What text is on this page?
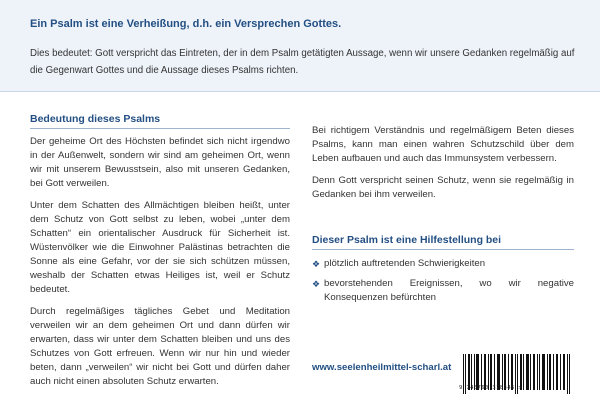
Ein Psalm ist eine Verheißung, d.h. ein Versprechen Gottes.
Dies bedeutet: Gott verspricht das Eintreten, der in dem Psalm getätigten Aussage, wenn wir unsere Gedanken regelmäßig auf die Gegenwart Gottes und die Aussage dieses Psalms richten.
Bedeutung dieses Psalms

Der geheime Ort des Höchsten befindet sich nicht irgendwo in der Außenwelt, sondern wir sind am geheimen Ort, wenn wir mit unserem Bewusstsein, also mit unseren Gedanken, bei Gott verweilen.

Unter dem Schatten des Allmächtigen bleiben heißt, unter dem Schutz von Gott selbst zu leben, wobei „unter dem Schatten“ ein orientalischer Ausdruck für Sicherheit ist. Wüstenvölker wie die Einwohner Palästinas betrachten die Sonne als eine Gefahr, vor der sie sich schützen müssen, weshalb der Schatten etwas Heiliges ist, weil er Schutz bedeutet.

Durch regelmäßiges tägliches Gebet und Meditation verweilen wir an dem geheimen Ort und dann dürfen wir erwarten, dass wir unter dem Schatten bleiben und uns des Schutzes von Gott erfreuen. Wenn wir nur hin und wieder beten, dann „verweilen“ wir nicht bei Gott und dürfen daher auch nicht einen absoluten Schutz erwarten.

Bei richtigem Verständnis und regelmäßigem Beten dieses Psalms, kann man einen wahren Schutzschild über dem Leben aufbauen und auch das Immunsystem verbessern.

Denn Gott verspricht seinen Schutz, wenn sie regelmäßig in Gedanken bei ihm verweilen.

Dieser Psalm ist eine Hilfestellung bei
❖ plötzlich auftretenden Schwierigkeiten
❖ bevorstehenden Ereignissen, wo wir negative Konsequenzen befürchten
www.seelenheilmittel-scharl.at
9 745760 318346 >
